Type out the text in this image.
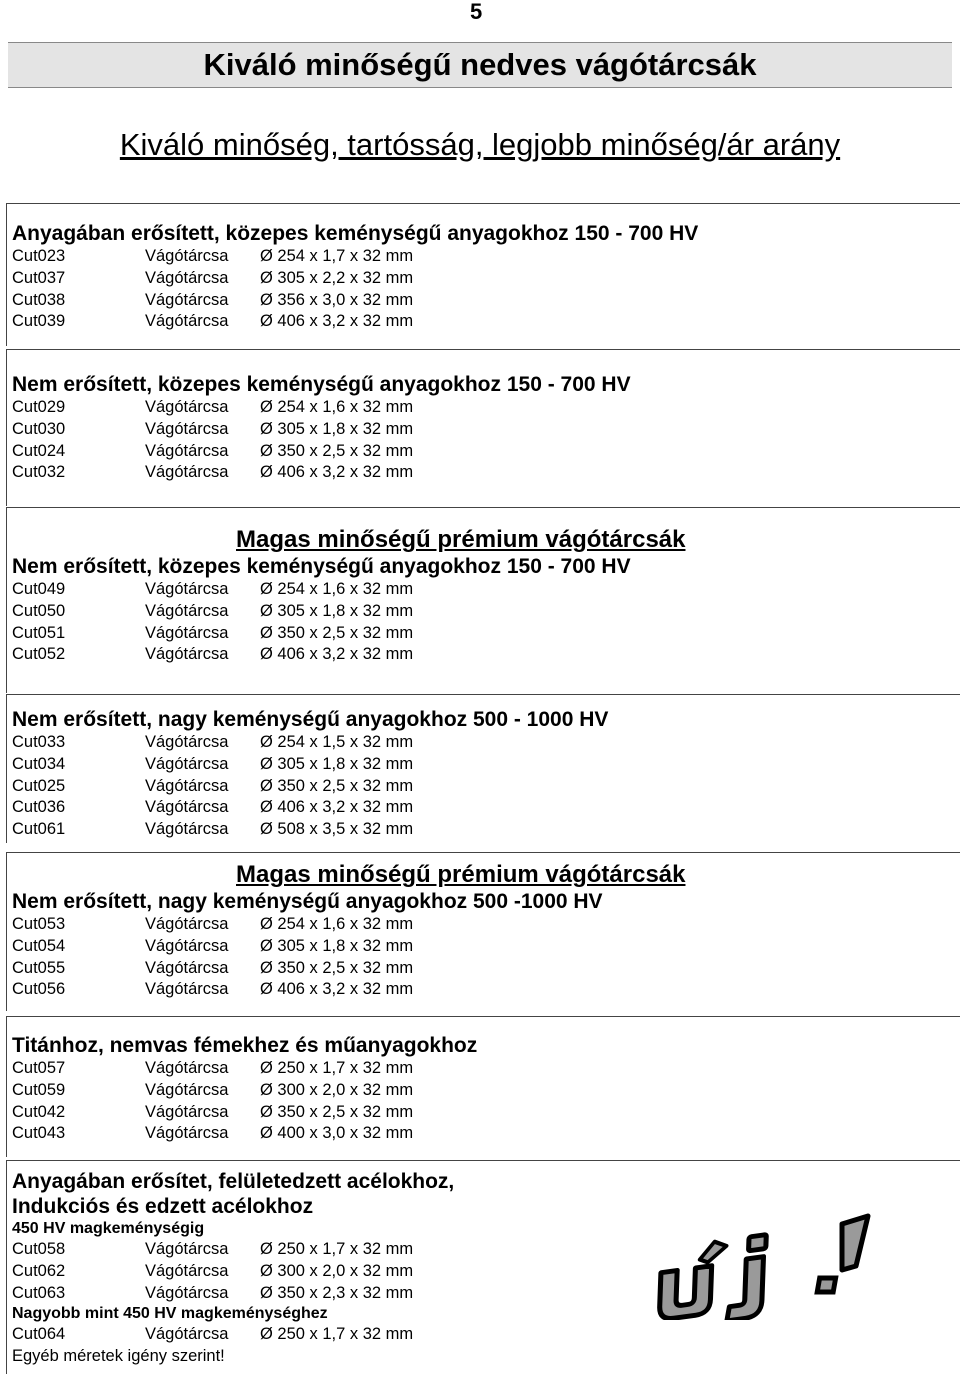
5
Kiváló minőségű nedves vágótárcsák
Kiváló minőség, tartósság, legjobb minőség/ár arány
Anyagában erősített, közepes keménységű anyagokhoz 150 - 700 HV
Cut023	Vágótárcsa	Ø 254 x 1,7 x 32 mm
Cut037	Vágótárcsa	Ø 305 x 2,2 x 32 mm
Cut038	Vágótárcsa	Ø 356 x 3,0 x 32 mm
Cut039	Vágótárcsa	Ø 406 x 3,2 x 32 mm
Nem erősített, közepes keménységű anyagokhoz 150 - 700 HV
Cut029	Vágótárcsa	Ø 254 x 1,6 x 32 mm
Cut030	Vágótárcsa	Ø 305 x 1,8 x 32 mm
Cut024	Vágótárcsa	Ø 350 x 2,5 x 32 mm
Cut032	Vágótárcsa	Ø 406 x 3,2 x 32 mm
Magas minőségű prémium vágótárcsák
Nem erősített, közepes keménységű anyagokhoz 150 - 700 HV
Cut049	Vágótárcsa	Ø 254 x 1,6 x 32 mm
Cut050	Vágótárcsa	Ø 305 x 1,8 x 32 mm
Cut051	Vágótárcsa	Ø 350 x 2,5 x 32 mm
Cut052	Vágótárcsa	Ø 406 x 3,2 x 32 mm
Nem erősített, nagy keménységű anyagokhoz 500 - 1000 HV
Cut033	Vágótárcsa	Ø 254 x 1,5 x 32 mm
Cut034	Vágótárcsa	Ø 305 x 1,8 x 32 mm
Cut025	Vágótárcsa	Ø 350 x 2,5 x 32 mm
Cut036	Vágótárcsa	Ø 406 x 3,2 x 32 mm
Cut061	Vágótárcsa	Ø 508 x 3,5 x 32 mm
Magas minőségű prémium vágótárcsák
Nem erősített, nagy keménységű anyagokhoz 500 -1000 HV
Cut053	Vágótárcsa	Ø 254 x 1,6 x 32 mm
Cut054	Vágótárcsa	Ø 305 x 1,8 x 32 mm
Cut055	Vágótárcsa	Ø 350 x 2,5 x 32 mm
Cut056	Vágótárcsa	Ø 406 x 3,2 x 32 mm
Titánhoz, nemvas fémekhez és műanyagokhoz
Cut057	Vágótárcsa	Ø 250 x 1,7 x 32 mm
Cut059	Vágótárcsa	Ø 300 x 2,0 x 32 mm
Cut042	Vágótárcsa	Ø 350 x 2,5 x 32 mm
Cut043	Vágótárcsa	Ø 400 x 3,0 x 32 mm
Anyagában erősítet, felületedzett acélokhoz,
Indukciós és edzett acélokhoz
450 HV magkeménységig
Cut058	Vágótárcsa	Ø 250 x 1,7 x 32 mm
Cut062	Vágótárcsa	Ø 300 x 2,0 x 32 mm
Cut063	Vágótárcsa	Ø 350 x 2,3 x 32 mm
Nagyobb mint 450 HV magkeménységhez
Cut064	Vágótárcsa	Ø 250 x 1,7 x 32 mm
Egyéb méretek igény szerint!
